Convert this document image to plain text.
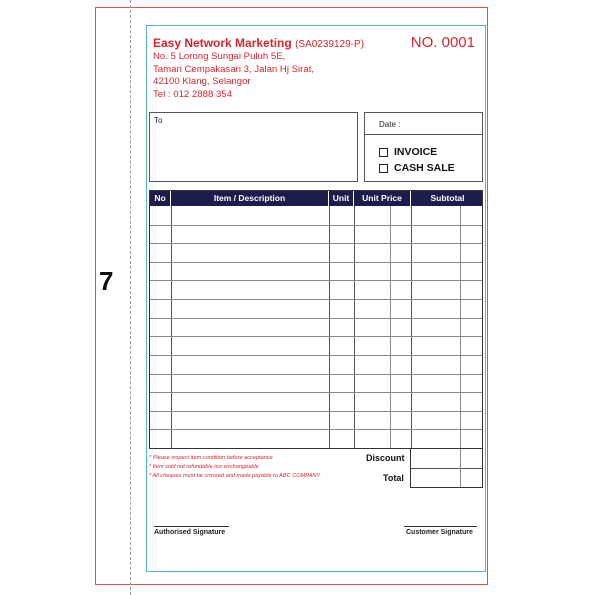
7
Easy Network Marketing (SA0239129-P)
No. 5 Lorong Sungai Puluh 5E,
Taman Cempakasari 3, Jalan Hj Sirat,
42100 Klang, Selangor
Tel : 012 2888 354
NO. 0001
To	Date :
INVOICE
CASH SALE
No	Item / Description	Unit	Unit Price	Subtotal
* Please inspect item condition before acceptance
* Item sold not refundable nor exchangeable
* All cheques must be crossed and made payable to ABC COMPANY
Discount
Total
Authorised Signature	Customer Signature
